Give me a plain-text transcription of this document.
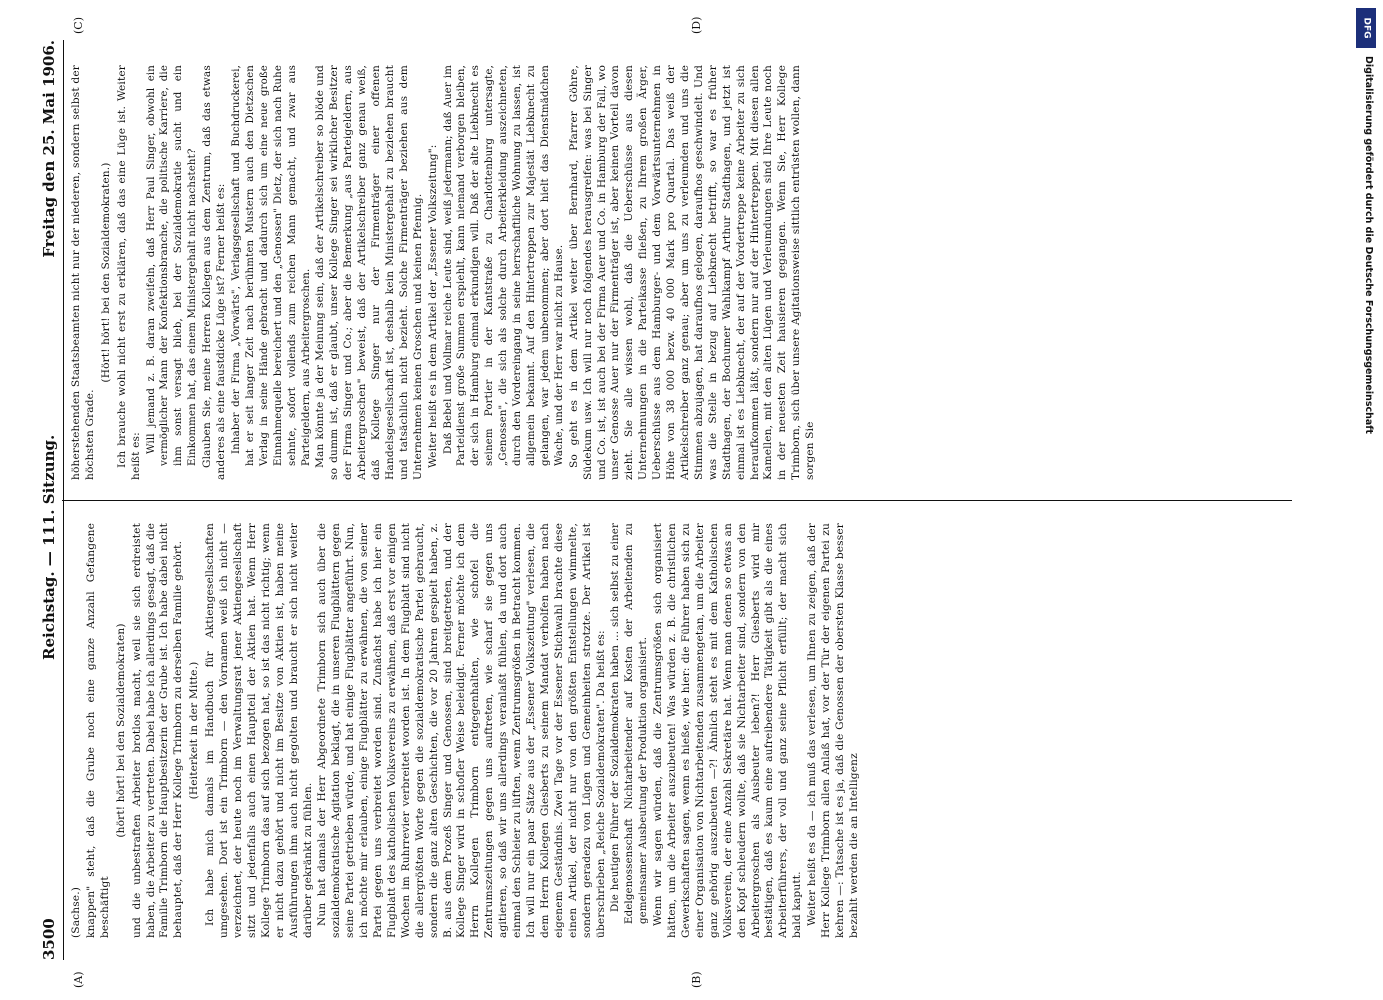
3500
Reichstag. — 111. Sitzung.
Freitag den 25. Mai 1906.
(A)	(B)
(C)	(D)

(Sachse.) knappen" steht, daß die Grube noch eine ganze Anzahl Gefangene beschäftigt

(hört! hört! bei den Sozialdemokraten) und die unbestraften Arbeiter brotlos macht, weil sie sich erdreistet haben, die Arbeiter zu vertreten. Dabei habe ich allerdings gesagt, daß die Familie Trimborn die Hauptbesitzerin der Grube ist. Ich habe dabei nicht behauptet, daß der Herr Kollege Trimborn zu derselben Familie gehört. (Heiterkeit in der Mitte.) Ich habe mich damals im Handbuch für Aktiengesellschaften umgesehen. Dort ist ein Trimborn — den Vornamen weiß ich nicht — verzeichnet, der heute noch im Verwaltungsrat jener Aktiengesellschaft sitzt und jedenfalls auch einen Hauptteil der Aktien hat. Wenn Herr Kollege Trimborn das auf sich bezogen hat, so ist das nicht richtig; wenn er nicht dazu gehört und nicht im Besitze von Aktien ist, haben meine Ausführungen ihm auch nicht gegolten und braucht er sich nicht weiter darüber gekränkt zu fühlen. Nun hat damals der Herr Abgeordnete Trimborn sich auch über die sozialdemokratische Agitation beklagt, die in unseren Flugblättern gegen seine Partei getrieben würde, und hat einige Flugblätter angeführt. Nun, ich möchte mir erlauben, einige Flugblätter zu erwähnen, die von seiner Partei gegen uns verbreitet worden sind. Zunächst habe ich hier ein Flugblatt des katholischen Volksvereins zu erwähnen, daß erst vor einigen Wochen im Ruhrrevier verbreitet worden ist. In dem Flugblatt sind nicht die allergrößten Worte gegen die sozialdemokratische Partei gebraucht, sondern die ganz alten Geschichten, die vor 20 Jahren gespielt haben, z. B. aus dem Prozeß Singer und Genossen, sind breitgetreten, und der Kollege Singer wird in schofler Weise beleidigt. Ferner möchte ich dem Herrn Kollegen Trimborn entgegenhalten, wie schofel die Zentrumszeitungen gegen uns auftreten, wie scharf sie gegen uns agitieren, so daß wir uns allerdings veranlaßt fühlen, da und dort auch einmal den Schleier zu lüften, wenn Zentrumsgrößen in Betracht kommen. Ich will nur ein paar Sätze aus der „Essener Volkszeitung" verlesen, die dem Herrn Kollegen Giesberts zu seinem Mandat verholfen haben nach eigenem Geständnis. Zwei Tage vor der Essener Stichwahl brachte diese einen Artikel, der nicht nur von den größten Entstellungen wimmelte, sondern geradezu von Lügen und Gemeinheiten strotzte. Der Artikel ist überschrieben „Reiche Sozialdemokraten". Da heißt es: Die heutigen Führer der Sozialdemokraten haben ... sich selbst zu einer Edelgenossenschaft Nichtarbeitender auf Kosten der Arbeitenden zu gemeinsamer Ausbeutung der Produktion organisiert. Wenn wir sagen würden, daß die Zentrumsgrößen sich organisiert hätten, um die Arbeiter auszubeuten! Was würden z. B. die christlichen Gewerkschaften sagen, wenn es hieße, wie hier: die Führer haben sich zu einer Organisation von Nichtarbeitenden zusammengetan, um die Arbeiter ganz gehörig auszubeuten —?! Ähnlich steht es mit dem Katholischen Volksverein, der eine Anzahl Sekretäre hat. Wenn man denen so etwas an den Kopf schleudern wollte, daß sie Nichtarbeiter sind, sondern von den Arbeitergroschen als Ausbeuter leben?! Herr Giesberts wird mir bestätigen, daß es kaum eine aufreibendere Tätigkeit gibt als die eines Arbeiterführers, der voll und ganz seine Pflicht erfüllt; der macht sich bald kaputt. Weiter heißt es da — ich muß das verlesen, um Ihnen zu zeigen, daß der Herr Kollege Trimborn allen Anlaß hat, vor der Tür der eigenen Partei zu kehren —: Tatsache ist es ja, daß die Genossen der obersten Klasse besser bezahlt werden die an Intelligenz

höherstehenden Staatsbeamten nicht nur der niederen, sondern selbst der höchsten Grade.

(Hört! hört! bei den Sozialdemokraten.) Ich brauche wohl nicht erst zu erklären, daß das eine Lüge ist. Weiter heißt es:

Will jemand z. B. daran zweifeln, daß Herr Paul Singer, obwohl ein vermöglicher Mann der Konfektionsbranche, die politische Karriere, die ihm sonst versagt blieb, bei der Sozialdemokratie sucht und ein Einkommen hat, das einem Ministergehalt nicht nachsteht? Glauben Sie, meine Herren Kollegen aus dem Zentrum, daß das etwas anderes als eine faustdicke Lüge ist? Ferner heißt es: Inhaber der Firma „Vorwärts", Verlagsgesellschaft und Buchdruckerei, hat er seit langer Zeit nach berühmten Mustern auch den Dietzschen Verlag in seine Hände gebracht und dadurch sich um eine neue große Einnahmequelle bereichert und den „Genossen" Dietz, der sich nach Ruhe sehnte, sofort vollends zum reichen Mann gemacht, und zwar aus Parteigeldern, aus Arbeitergroschen. Man könnte ja der Meinung sein, daß der Artikelschreiber so blöde und so dumm ist, daß er glaubt, unser Kollege Singer sei wirklicher Besitzer der Firma Singer und Co.; aber die Bemerkung „aus Parteigeldern, aus Arbeitergroschen" beweist, daß der Artikelschreiber ganz genau weiß, daß Kollege Singer nur der Firmenträger einer offenen Handelsgesellschaft ist, deshalb kein Ministergehalt zu beziehen braucht und tatsächlich nicht bezieht. Solche Firmenträger beziehen aus dem Unternehmen keinen Groschen und keinen Pfennig. Weiter heißt es in dem Artikel der „Essener Volkszeitung": Daß Bebel und Vollmar reiche Leute sind, weiß jedermann; daß Auer im Parteidienst große Summen erspiehlt, kann niemand verborgen bleiben, der sich in Hamburg einmal erkundigen will. Daß der alte Liebknecht es seinem Portier in der Kantstraße zu Charlottenburg untersagte, „Genossen", die sich als solche durch Arbeiterkleidung auszeichneten, durch den Vordereingang in seine herrschaftliche Wohnung zu lassen, ist allgemein bekannt. Auf den Hintertreppen zur Majestät Liebknecht zu gelangen, war jedem unbenommen; aber dort hielt das Dienstmädchen Wache, und der Herr war nicht zu Hause. So geht es in dem Artikel weiter über Bernhard, Pfarrer Göhre, Südekum usw. Ich will nur noch folgendes herausgreifen: was bei Singer und Co. ist, ist auch bei der Firma Auer und Co. in Hamburg der Fall, wo unser Genosse Auer nur der Firmenträger ist, aber keinen Vorteil davon zieht. Sie alle wissen wohl, daß die Ueberschüsse aus diesen Unternehmungen in die Parteikasse fließen, zu Ihrem großen Ärger, Ueberschüsse aus dem Hamburger- und dem Vorwärtsunternehmen in Höhe von 38 000 bezw. 40 000 Mark pro Quartal. Das weiß der Artikelschreiber ganz genau; aber um uns zu verleumden und uns die Stimmen abzujagen, hat daraufhos gelogen, daraufhos geschwindelt. Und was die Stelle in bezug auf Liebknecht betrifft, so war es früher Stadthagen, der Bochumer Wahlkampf Arthur Stadthagen, und jetzt ist einmal ist es Liebknecht, der auf der Vordertreppe keine Arbeiter zu sich heraufkommen läßt, sondern nur auf der Hintertreppen. Mit diesen allen Kamellen, mit den alten Lügen und Verleumdungen sind Ihre Leute noch in der neuesten Zeit hausieren gegangen. Wenn Sie, Herr Kollege Trimborn, sich über unsere Agitationsweise sittlich entrüsten wollen, dann sorgen Sie

DFG
Digitalisierung gefördert durch die Deutsche Forschungsgemeinschaft
